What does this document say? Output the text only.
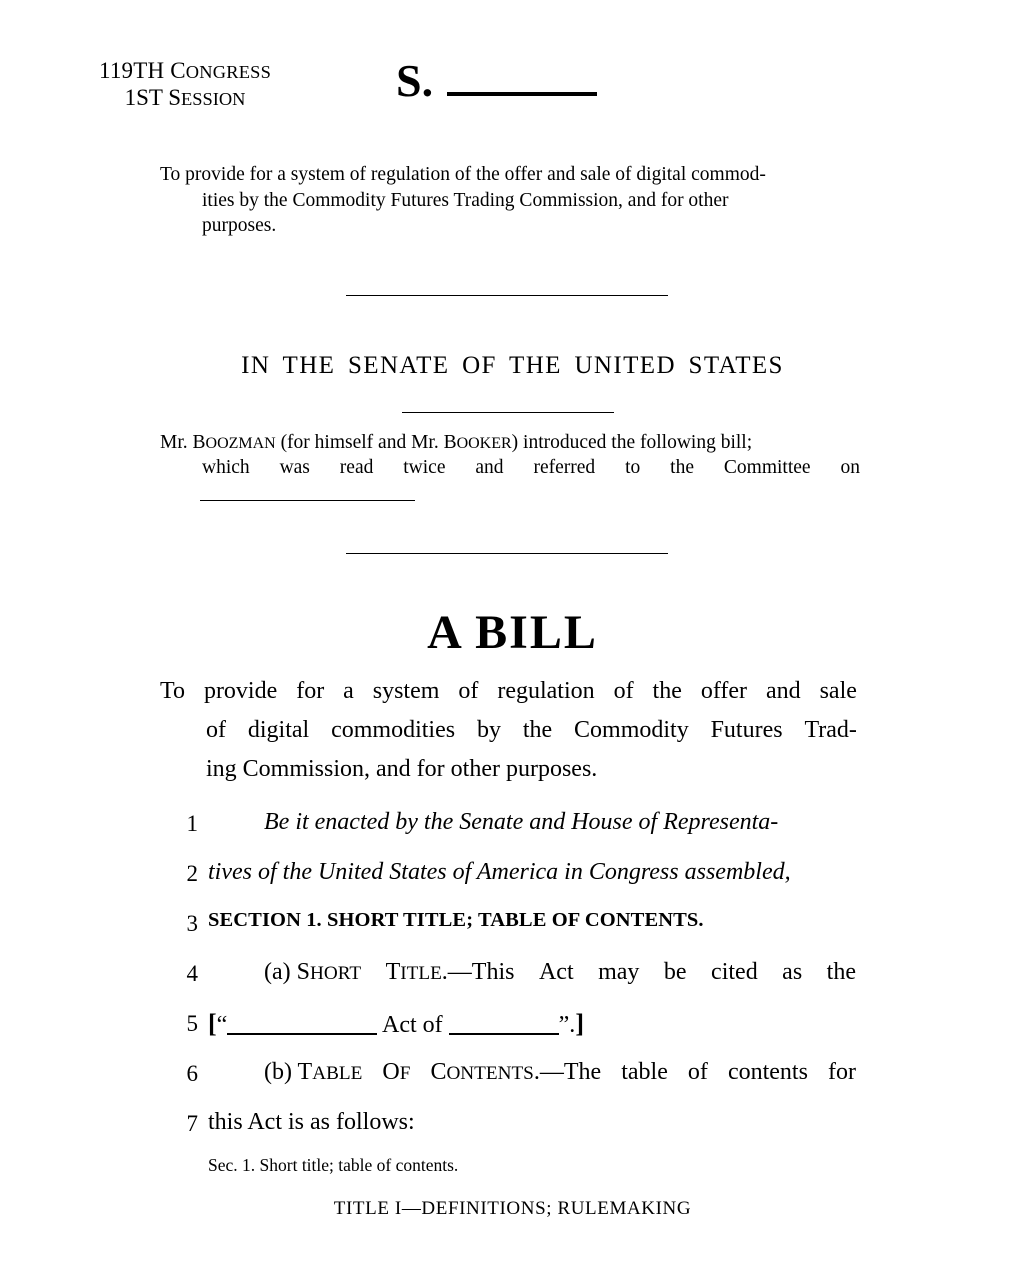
119TH CONGRESS
1ST SESSION	S.

To provide for a system of regulation of the offer and sale of digital commod-

ities by the Commodity Futures Trading Commission, and for other

purposes.

IN THE SENATE OF THE UNITED STATES
Mr. BOOZMAN (for himself and Mr. BOOKER) introduced the following bill;
which was read twice and referred to the Committee on
A BILL
To provide for a system of regulation of the offer and sale
of digital commodities by the Commodity Futures Trad-
ing Commission, and for other purposes.
1	Be it enacted by the Senate and House of Representa-
2 tives of the United States of America in Congress assembled,
3 SECTION 1. SHORT TITLE; TABLE OF CONTENTS.
4	(a) SHORT TITLE.—This Act may be cited as the
5 [“	Act of	”.]
6	(b) TABLE OF CONTENTS.—The table of contents for
7 this Act is as follows:
Sec. 1. Short title; table of contents.
TITLE I—DEFINITIONS; RULEMAKING
